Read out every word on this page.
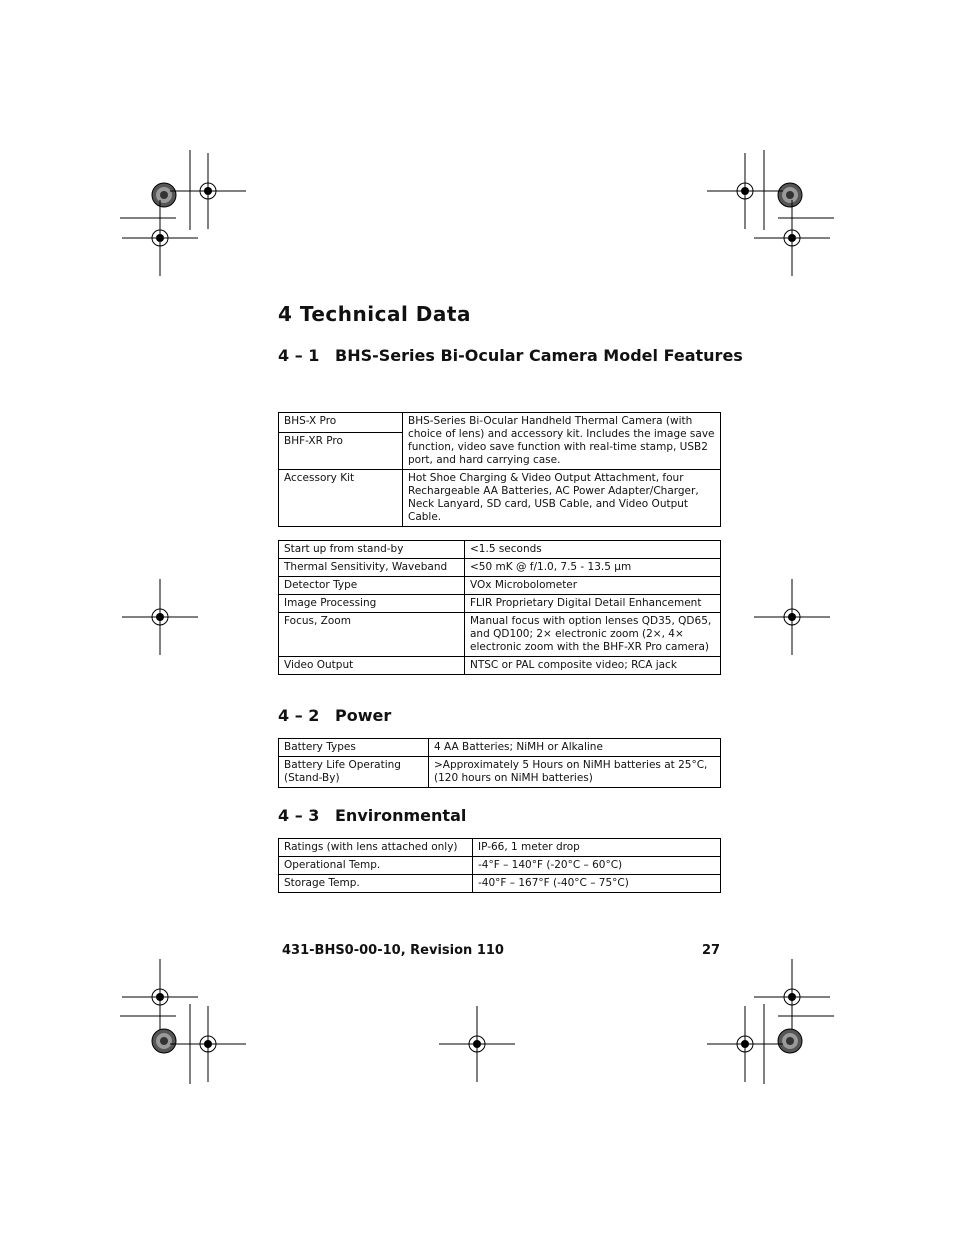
4 Technical Data
4 – 1 BHS-Series Bi-Ocular Camera Model Features
BHS-X Pro	BHS-Series Bi-Ocular Handheld Thermal Camera (with choice of lens) and accessory kit. Includes the image save function, video save function with real-time stamp, USB2 port, and hard carrying case.
BHF-XR Pro	
Accessory Kit	Hot Shoe Charging & Video Output Attachment, four Rechargeable AA Batteries, AC Power Adapter/Charger, Neck Lanyard, SD card, USB Cable, and Video Output Cable.
Start up from stand-by	<1.5 seconds
Thermal Sensitivity, Waveband	<50 mK @ f/1.0, 7.5 - 13.5 µm
Detector Type	VOx Microbolometer
Image Processing	FLIR Proprietary Digital Detail Enhancement
Focus, Zoom	Manual focus with option lenses QD35, QD65, and QD100; 2× electronic zoom (2×, 4× electronic zoom with the BHF-XR Pro camera)
Video Output	NTSC or PAL composite video; RCA jack
4 – 2 Power
Battery Types	4 AA Batteries; NiMH or Alkaline
Battery Life Operating (Stand-By)	>Approximately 5 Hours on NiMH batteries at 25°C, (120 hours on NiMH batteries)
4 – 3 Environmental
Ratings (with lens attached only)	IP-66, 1 meter drop
Operational Temp.	-4°F – 140°F (-20°C – 60°C)
Storage Temp.	-40°F – 167°F (-40°C – 75°C)
431-BHS0-00-10, Revision 110	27
